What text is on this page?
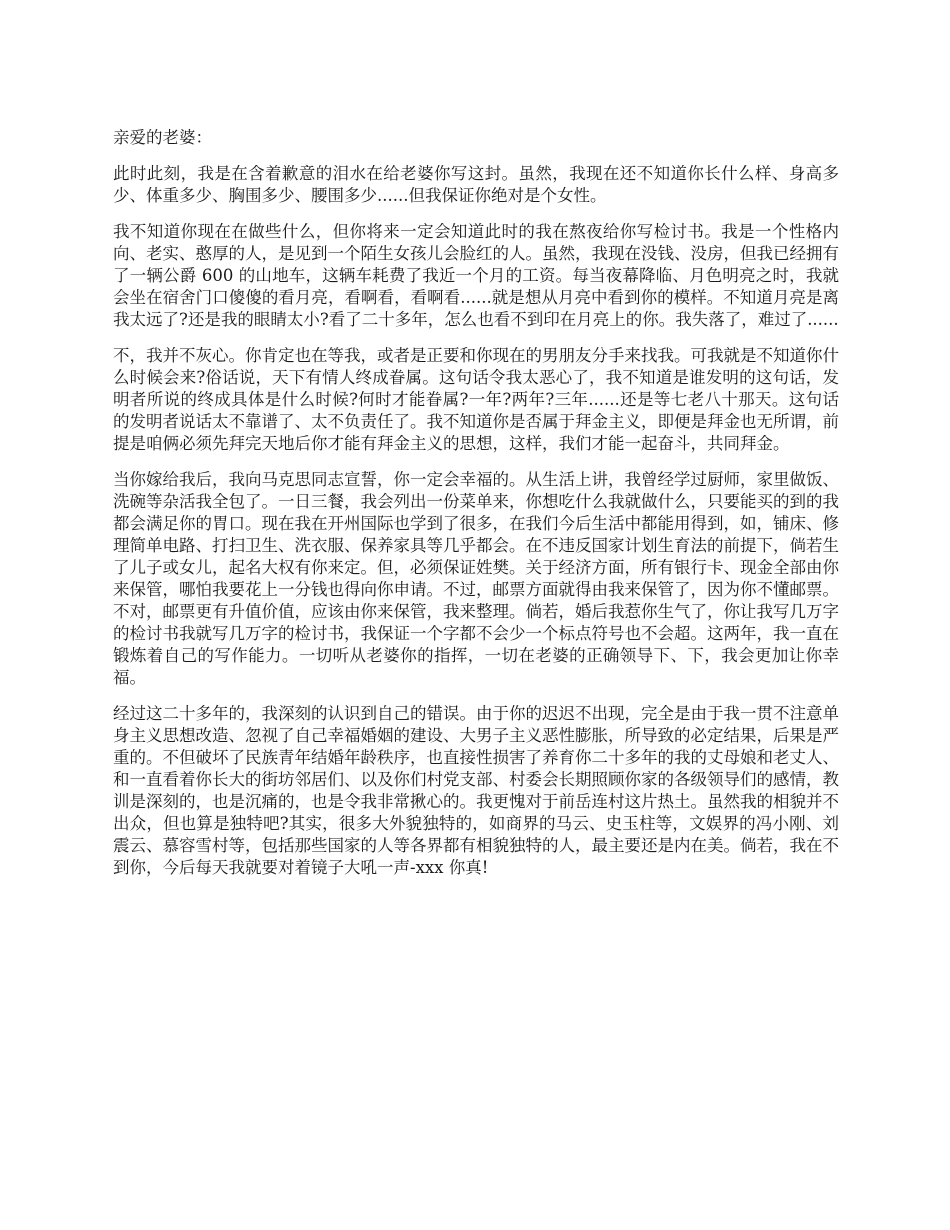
亲爱的老婆：

此时此刻，我是在含着歉意的泪水在给老婆你写这封。虽然，我现在还不知道你长什么样、身高多少、体重多少、胸围多少、腰围多少......但我保证你绝对是个女性。

我不知道你现在在做些什么，但你将来一定会知道此时的我在熬夜给你写检讨书。我是一个性格内向、老实、憨厚的人，是见到一个陌生女孩儿会脸红的人。虽然，我现在没钱、没房，但我已经拥有了一辆公爵 600 的山地车，这辆车耗费了我近一个月的工资。每当夜幕降临、月色明亮之时，我就会坐在宿舍门口傻傻的看月亮，看啊看，看啊看......就是想从月亮中看到你的模样。不知道月亮是离我太远了?还是我的眼睛太小?看了二十多年，怎么也看不到印在月亮上的你。我失落了，难过了......

不，我并不灰心。你肯定也在等我，或者是正要和你现在的男朋友分手来找我。可我就是不知道你什么时候会来?俗话说，天下有情人终成眷属。这句话令我太恶心了，我不知道是谁发明的这句话，发明者所说的终成具体是什么时候?何时才能眷属?一年?两年?三年......还是等七老八十那天。这句话的发明者说话太不靠谱了、太不负责任了。我不知道你是否属于拜金主义，即便是拜金也无所谓，前提是咱俩必须先拜完天地后你才能有拜金主义的思想，这样，我们才能一起奋斗，共同拜金。

当你嫁给我后，我向马克思同志宣誓，你一定会幸福的。从生活上讲，我曾经学过厨师，家里做饭、洗碗等杂活我全包了。一日三餐，我会列出一份菜单来，你想吃什么我就做什么，只要能买的到的我都会满足你的胃口。现在我在开州国际也学到了很多，在我们今后生活中都能用得到，如，铺床、修理简单电路、打扫卫生、洗衣服、保养家具等几乎都会。在不违反国家计划生育法的前提下，倘若生了儿子或女儿，起名大权有你来定。但，必须保证姓樊。关于经济方面，所有银行卡、现金全部由你来保管，哪怕我要花上一分钱也得向你申请。不过，邮票方面就得由我来保管了，因为你不懂邮票。不对，邮票更有升值价值，应该由你来保管，我来整理。倘若，婚后我惹你生气了，你让我写几万字的检讨书我就写几万字的检讨书，我保证一个字都不会少一个标点符号也不会超。这两年，我一直在锻炼着自己的写作能力。一切听从老婆你的指挥，一切在老婆的正确领导下、下，我会更加让你幸福。

经过这二十多年的，我深刻的认识到自己的错误。由于你的迟迟不出现，完全是由于我一贯不注意单身主义思想改造、忽视了自己幸福婚姻的建设、大男子主义恶性膨胀，所导致的必定结果，后果是严重的。不但破坏了民族青年结婚年龄秩序，也直接性损害了养育你二十多年的我的丈母娘和老丈人、和一直看着你长大的街坊邻居们、以及你们村党支部、村委会长期照顾你家的各级领导们的感情，教训是深刻的，也是沉痛的，也是令我非常揪心的。我更愧对于前岳连村这片热土。虽然我的相貌并不出众，但也算是独特吧?其实，很多大外貌独特的，如商界的马云、史玉柱等，文娱界的冯小刚、刘震云、慕容雪村等，包括那些国家的人等各界都有相貌独特的人，最主要还是内在美。倘若，我在不到你，今后每天我就要对着镜子大吼一声-xxx 你真!
